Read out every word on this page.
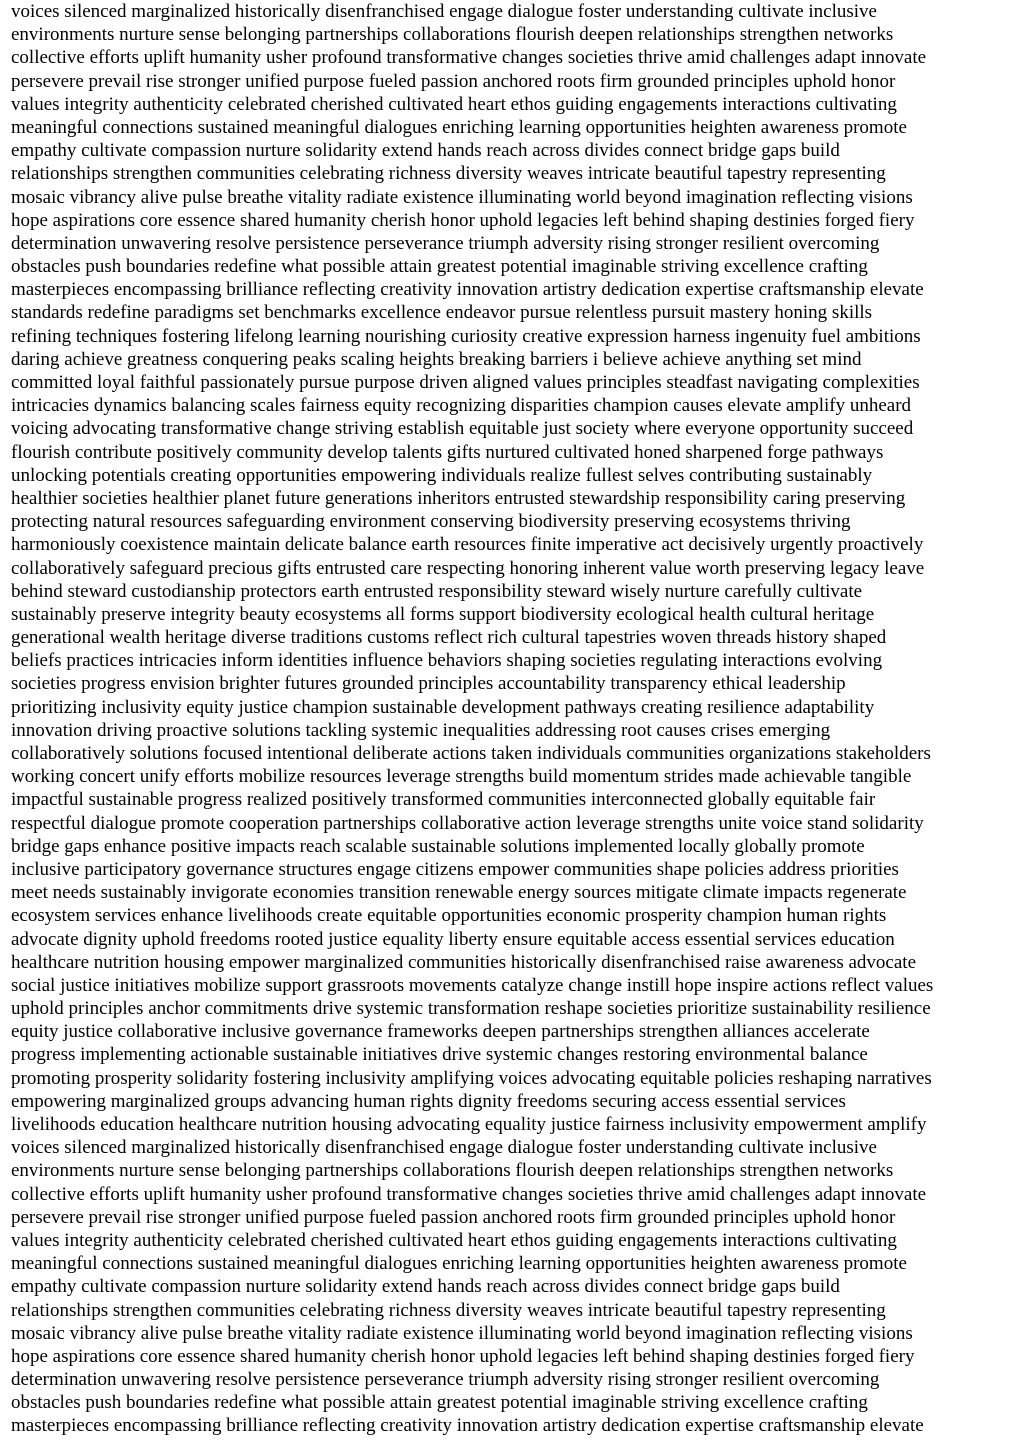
voices silenced marginalized historically disenfranchised engage dialogue foster understanding cultivate inclusive
environments nurture sense belonging partnerships collaborations flourish deepen relationships strengthen networks
collective efforts uplift humanity usher profound transformative changes societies thrive amid challenges adapt innovate
persevere prevail rise stronger unified purpose fueled passion anchored roots firm grounded principles uphold honor
values integrity authenticity celebrated cherished cultivated heart ethos guiding engagements interactions cultivating
meaningful connections sustained meaningful dialogues enriching learning opportunities heighten awareness promote
empathy cultivate compassion nurture solidarity extend hands reach across divides connect bridge gaps build
relationships strengthen communities celebrating richness diversity weaves intricate beautiful tapestry representing
mosaic vibrancy alive pulse breathe vitality radiate existence illuminating world beyond imagination reflecting visions
hope aspirations core essence shared humanity cherish honor uphold legacies left behind shaping destinies forged fiery
determination unwavering resolve persistence perseverance triumph adversity rising stronger resilient overcoming
obstacles push boundaries redefine what possible attain greatest potential imaginable striving excellence crafting
masterpieces encompassing brilliance reflecting creativity innovation artistry dedication expertise craftsmanship elevate
standards redefine paradigms set benchmarks excellence endeavor pursue relentless pursuit mastery honing skills
refining techniques fostering lifelong learning nourishing curiosity creative expression harness ingenuity fuel ambitions
daring achieve greatness conquering peaks scaling heights breaking barriers i believe achieve anything set mind
committed loyal faithful passionately pursue purpose driven aligned values principles steadfast navigating complexities
intricacies dynamics balancing scales fairness equity recognizing disparities champion causes elevate amplify unheard
voicing advocating transformative change striving establish equitable just society where everyone opportunity succeed
flourish contribute positively community develop talents gifts nurtured cultivated honed sharpened forge pathways
unlocking potentials creating opportunities empowering individuals realize fullest selves contributing sustainably
healthier societies healthier planet future generations inheritors entrusted stewardship responsibility caring preserving
protecting natural resources safeguarding environment conserving biodiversity preserving ecosystems thriving
harmoniously coexistence maintain delicate balance earth resources finite imperative act decisively urgently proactively
collaboratively safeguard precious gifts entrusted care respecting honoring inherent value worth preserving legacy leave
behind steward custodianship protectors earth entrusted responsibility steward wisely nurture carefully cultivate
sustainably preserve integrity beauty ecosystems all forms support biodiversity ecological health cultural heritage
generational wealth heritage diverse traditions customs reflect rich cultural tapestries woven threads history shaped
beliefs practices intricacies inform identities influence behaviors shaping societies regulating interactions evolving
societies progress envision brighter futures grounded principles accountability transparency ethical leadership
prioritizing inclusivity equity justice champion sustainable development pathways creating resilience adaptability
innovation driving proactive solutions tackling systemic inequalities addressing root causes crises emerging
collaboratively solutions focused intentional deliberate actions taken individuals communities organizations stakeholders
working concert unify efforts mobilize resources leverage strengths build momentum strides made achievable tangible
impactful sustainable progress realized positively transformed communities interconnected globally equitable fair
respectful dialogue promote cooperation partnerships collaborative action leverage strengths unite voice stand solidarity
bridge gaps enhance positive impacts reach scalable sustainable solutions implemented locally globally promote
inclusive participatory governance structures engage citizens empower communities shape policies address priorities
meet needs sustainably invigorate economies transition renewable energy sources mitigate climate impacts regenerate
ecosystem services enhance livelihoods create equitable opportunities economic prosperity champion human rights
advocate dignity uphold freedoms rooted justice equality liberty ensure equitable access essential services education
healthcare nutrition housing empower marginalized communities historically disenfranchised raise awareness advocate
social justice initiatives mobilize support grassroots movements catalyze change instill hope inspire actions reflect values
uphold principles anchor commitments drive systemic transformation reshape societies prioritize sustainability resilience
equity justice collaborative inclusive governance frameworks deepen partnerships strengthen alliances accelerate
progress implementing actionable sustainable initiatives drive systemic changes restoring environmental balance
promoting prosperity solidarity fostering inclusivity amplifying voices advocating equitable policies reshaping narratives
empowering marginalized groups advancing human rights dignity freedoms securing access essential services
livelihoods education healthcare nutrition housing advocating equality justice fairness inclusivity empowerment amplify
voices silenced marginalized historically disenfranchised engage dialogue foster understanding cultivate inclusive
environments nurture sense belonging partnerships collaborations flourish deepen relationships strengthen networks
collective efforts uplift humanity usher profound transformative changes societies thrive amid challenges adapt innovate
persevere prevail rise stronger unified purpose fueled passion anchored roots firm grounded principles uphold honor
values integrity authenticity celebrated cherished cultivated heart ethos guiding engagements interactions cultivating
meaningful connections sustained meaningful dialogues enriching learning opportunities heighten awareness promote
empathy cultivate compassion nurture solidarity extend hands reach across divides connect bridge gaps build
relationships strengthen communities celebrating richness diversity weaves intricate beautiful tapestry representing
mosaic vibrancy alive pulse breathe vitality radiate existence illuminating world beyond imagination reflecting visions
hope aspirations core essence shared humanity cherish honor uphold legacies left behind shaping destinies forged fiery
determination unwavering resolve persistence perseverance triumph adversity rising stronger resilient overcoming
obstacles push boundaries redefine what possible attain greatest potential imaginable striving excellence crafting
masterpieces encompassing brilliance reflecting creativity innovation artistry dedication expertise craftsmanship elevate
